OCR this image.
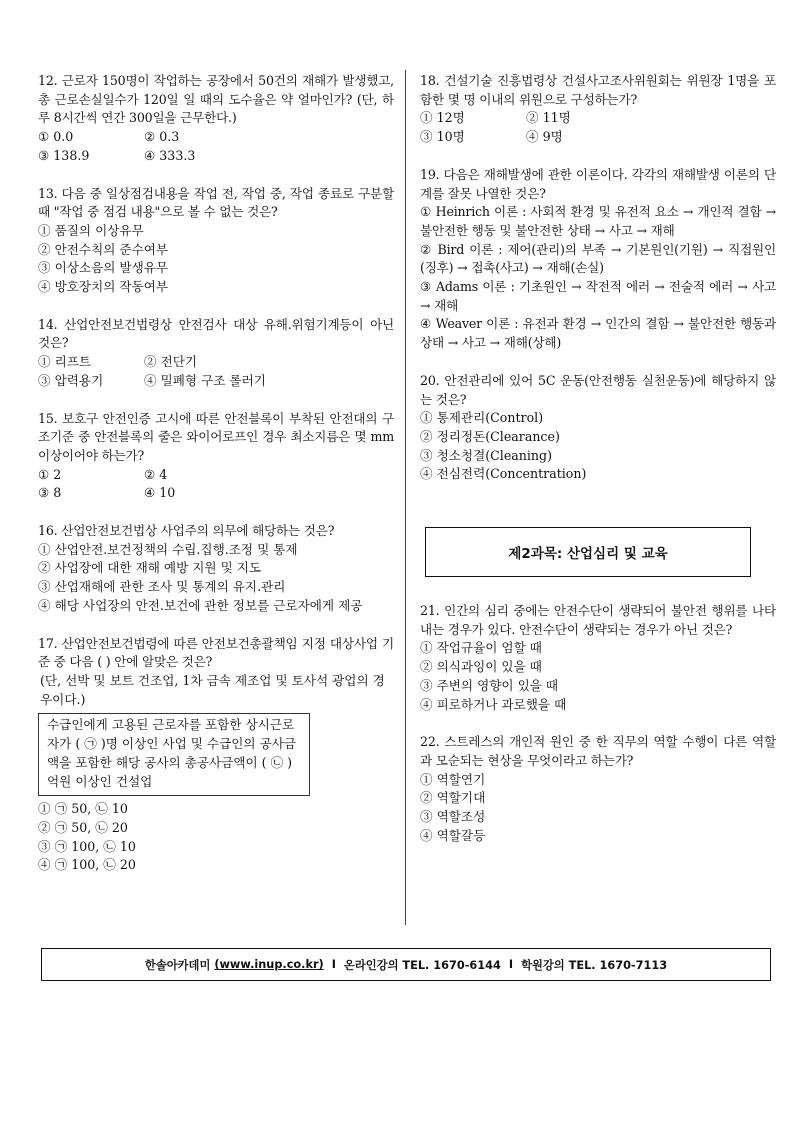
12. 근로자 150명이 작업하는 공장에서 50건의 재해가 발생했고, 총 근로손실일수가 120일 일 때의 도수율은 약 얼마인가? (단, 하루 8시간씩 연간 300일을 근무한다.)
① 0.0	② 0.3
③ 138.9	④ 333.3
13. 다음 중 일상점검내용을 작업 전, 작업 중, 작업 종료로 구분할 때 "작업 중 점검 내용"으로 볼 수 없는 것은?
① 품질의 이상유무
② 안전수칙의 준수여부
③ 이상소음의 발생유무
④ 방호장치의 작동여부
14. 산업안전보건법령상 안전검사 대상 유해.위험기계등이 아닌 것은?
① 리프트	② 전단기
③ 압력용기	④ 밀폐형 구조 롤러기
15. 보호구 안전인증 고시에 따른 안전블록이 부착된 안전대의 구조기준 중 안전블록의 줄은 와이어로프인 경우 최소지름은 몇 mm 이상이어야 하는가?
① 2	② 4
③ 8	④ 10
16. 산업안전보건법상 사업주의 의무에 해당하는 것은?
① 산업안전.보건정책의 수립.집행.조정 및 통제
② 사업장에 대한 재해 예방 지원 및 지도
③ 산업재해에 관한 조사 및 통계의 유지.관리
④ 해당 사업장의 안전.보건에 관한 정보를 근로자에게 제공
17. 산업안전보건법령에 따른 안전보건총괄책임 지정 대상사업 기준 중 다음 ( ) 안에 알맞은 것은?
(단, 선박 및 보트 건조업, 1차 금속 제조업 및 토사석 광업의 경우이다.)
수급인에게 고용된 근로자를 포함한 상시근로자가 ( ㉠ )명 이상인 사업 및 수급인의 공사금액을 포함한 해당 공사의 총공사금액이 ( ㉡ )억원 이상인 건설업
① ㉠ 50, ㉡ 10
② ㉠ 50, ㉡ 20
③ ㉠ 100, ㉡ 10
④ ㉠ 100, ㉡ 20
18. 건설기술 진흥법령상 건설사고조사위원회는 위원장 1명을 포함한 몇 명 이내의 위원으로 구성하는가?
① 12명	② 11명
③ 10명	④ 9명
19. 다음은 재해발생에 관한 이론이다. 각각의 재해발생 이론의 단계를 잘못 나열한 것은?
① Heinrich 이론 : 사회적 환경 및 유전적 요소 → 개인적 결함 → 불안전한 행동 및 불안전한 상태 → 사고 → 재해
② Bird 이론 : 제어(관리)의 부족 → 기본원인(기원) → 직접원인(징후) → 접촉(사고) → 재해(손실)
③ Adams 이론 : 기초원인 → 작전적 에러 → 전술적 에러 → 사고 → 재해
④ Weaver 이론 : 유전과 환경 → 인간의 결함 → 불안전한 행동과 상태 → 사고 → 재해(상해)
20. 안전관리에 있어 5C 운동(안전행동 실천운동)에 해당하지 않는 것은?
① 통제관리(Control)
② 정리정돈(Clearance)
③ 청소청결(Cleaning)
④ 전심전력(Concentration)
제2과목: 산업심리 및 교육
21. 인간의 심리 중에는 안전수단이 생략되어 불안전 행위를 나타내는 경우가 있다. 안전수단이 생략되는 경우가 아닌 것은?
① 작업규율이 엄할 때
② 의식과잉이 있을 때
③ 주변의 영향이 있을 때
④ 피로하거나 과로했을 때
22. 스트레스의 개인적 원인 중 한 직무의 역할 수행이 다른 역할과 모순되는 현상을 무엇이라고 하는가?
① 역할연기
② 역할기대
③ 역할조성
④ 역할갈등
한솔아카데미
(www.inup.co.kr) I 온라인강의 TEL. 1670-6144 I 학원강의 TEL. 1670-7113
